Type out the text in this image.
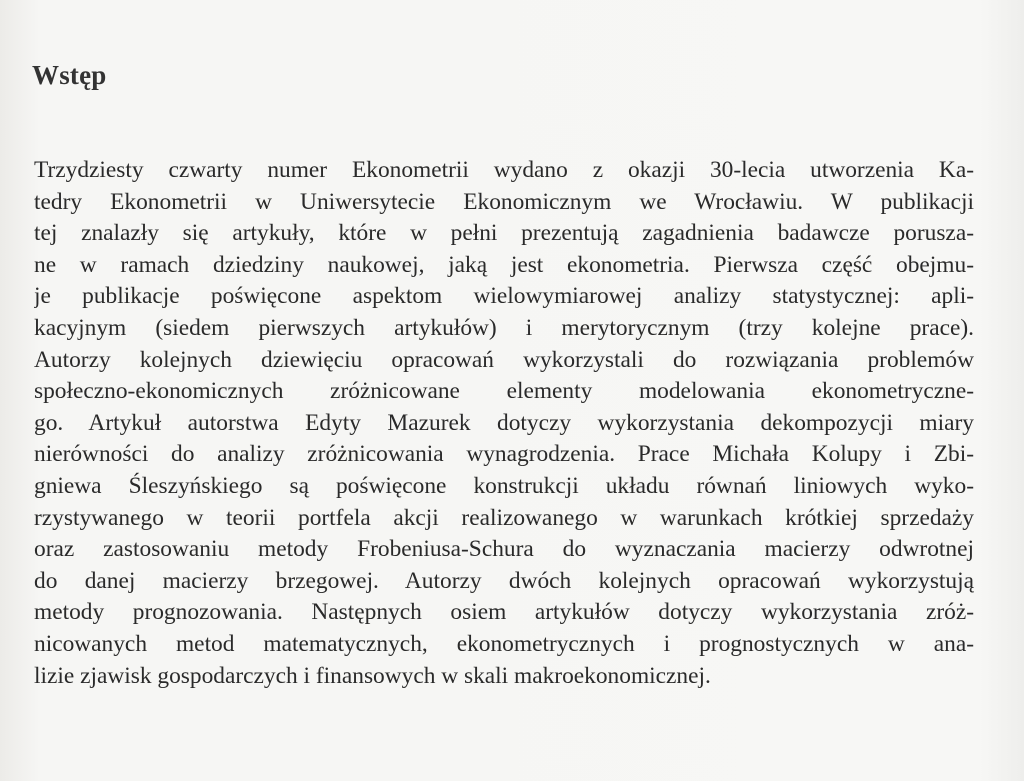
Wstęp
Trzydziesty czwarty numer Ekonometrii wydano z okazji 30-lecia utworzenia Ka-
tedry Ekonometrii w Uniwersytecie Ekonomicznym we Wrocławiu. W publikacji
tej znalazły się artykuły, które w pełni prezentują zagadnienia badawcze porusza-
ne w ramach dziedziny naukowej, jaką jest ekonometria. Pierwsza część obejmu-
je publikacje poświęcone aspektom wielowymiarowej analizy statystycznej: apli-
kacyjnym (siedem pierwszych artykułów) i merytorycznym (trzy kolejne prace).
Autorzy kolejnych dziewięciu opracowań wykorzystali do rozwiązania problemów
społeczno-ekonomicznych zróżnicowane elementy modelowania ekonometryczne-
go. Artykuł autorstwa Edyty Mazurek dotyczy wykorzystania dekompozycji miary
nierówności do analizy zróżnicowania wynagrodzenia. Prace Michała Kolupy i Zbi-
gniewa Śleszyńskiego są poświęcone konstrukcji układu równań liniowych wyko-
rzystywanego w teorii portfela akcji realizowanego w warunkach krótkiej sprzedaży
oraz zastosowaniu metody Frobeniusa-Schura do wyznaczania macierzy odwrotnej
do danej macierzy brzegowej. Autorzy dwóch kolejnych opracowań wykorzystują
metody prognozowania. Następnych osiem artykułów dotyczy wykorzystania zróż-
nicowanych metod matematycznych, ekonometrycznych i prognostycznych w ana-
lizie zjawisk gospodarczych i finansowych w skali makroekonomicznej.
